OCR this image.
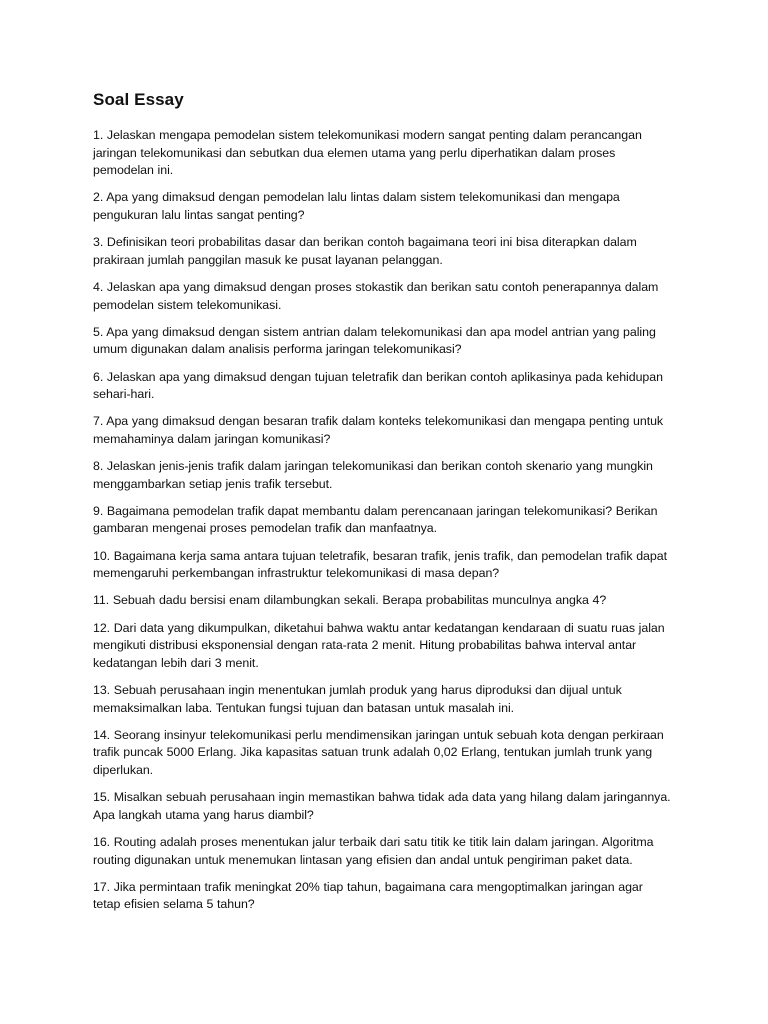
Soal Essay

1. Jelaskan mengapa pemodelan sistem telekomunikasi modern sangat penting dalam perancangan jaringan telekomunikasi dan sebutkan dua elemen utama yang perlu diperhatikan dalam proses pemodelan ini.

2. Apa yang dimaksud dengan pemodelan lalu lintas dalam sistem telekomunikasi dan mengapa pengukuran lalu lintas sangat penting?

3. Definisikan teori probabilitas dasar dan berikan contoh bagaimana teori ini bisa diterapkan dalam prakiraan jumlah panggilan masuk ke pusat layanan pelanggan.

4. Jelaskan apa yang dimaksud dengan proses stokastik dan berikan satu contoh penerapannya dalam pemodelan sistem telekomunikasi.

5. Apa yang dimaksud dengan sistem antrian dalam telekomunikasi dan apa model antrian yang paling umum digunakan dalam analisis performa jaringan telekomunikasi?

6. Jelaskan apa yang dimaksud dengan tujuan teletrafik dan berikan contoh aplikasinya pada kehidupan sehari-hari.

7. Apa yang dimaksud dengan besaran trafik dalam konteks telekomunikasi dan mengapa penting untuk memahaminya dalam jaringan komunikasi?

8. Jelaskan jenis-jenis trafik dalam jaringan telekomunikasi dan berikan contoh skenario yang mungkin menggambarkan setiap jenis trafik tersebut.

9. Bagaimana pemodelan trafik dapat membantu dalam perencanaan jaringan telekomunikasi? Berikan gambaran mengenai proses pemodelan trafik dan manfaatnya.

10. Bagaimana kerja sama antara tujuan teletrafik, besaran trafik, jenis trafik, dan pemodelan trafik dapat memengaruhi perkembangan infrastruktur telekomunikasi di masa depan?

11. Sebuah dadu bersisi enam dilambungkan sekali. Berapa probabilitas munculnya angka 4?

12. Dari data yang dikumpulkan, diketahui bahwa waktu antar kedatangan kendaraan di suatu ruas jalan mengikuti distribusi eksponensial dengan rata-rata 2 menit. Hitung probabilitas bahwa interval antar kedatangan lebih dari 3 menit.

13. Sebuah perusahaan ingin menentukan jumlah produk yang harus diproduksi dan dijual untuk memaksimalkan laba. Tentukan fungsi tujuan dan batasan untuk masalah ini.

14. Seorang insinyur telekomunikasi perlu mendimensikan jaringan untuk sebuah kota dengan perkiraan trafik puncak 5000 Erlang. Jika kapasitas satuan trunk adalah 0,02 Erlang, tentukan jumlah trunk yang diperlukan.

15. Misalkan sebuah perusahaan ingin memastikan bahwa tidak ada data yang hilang dalam jaringannya. Apa langkah utama yang harus diambil?

16. Routing adalah proses menentukan jalur terbaik dari satu titik ke titik lain dalam jaringan. Algoritma routing digunakan untuk menemukan lintasan yang efisien dan andal untuk pengiriman paket data.

17. Jika permintaan trafik meningkat 20% tiap tahun, bagaimana cara mengoptimalkan jaringan agar tetap efisien selama 5 tahun?
